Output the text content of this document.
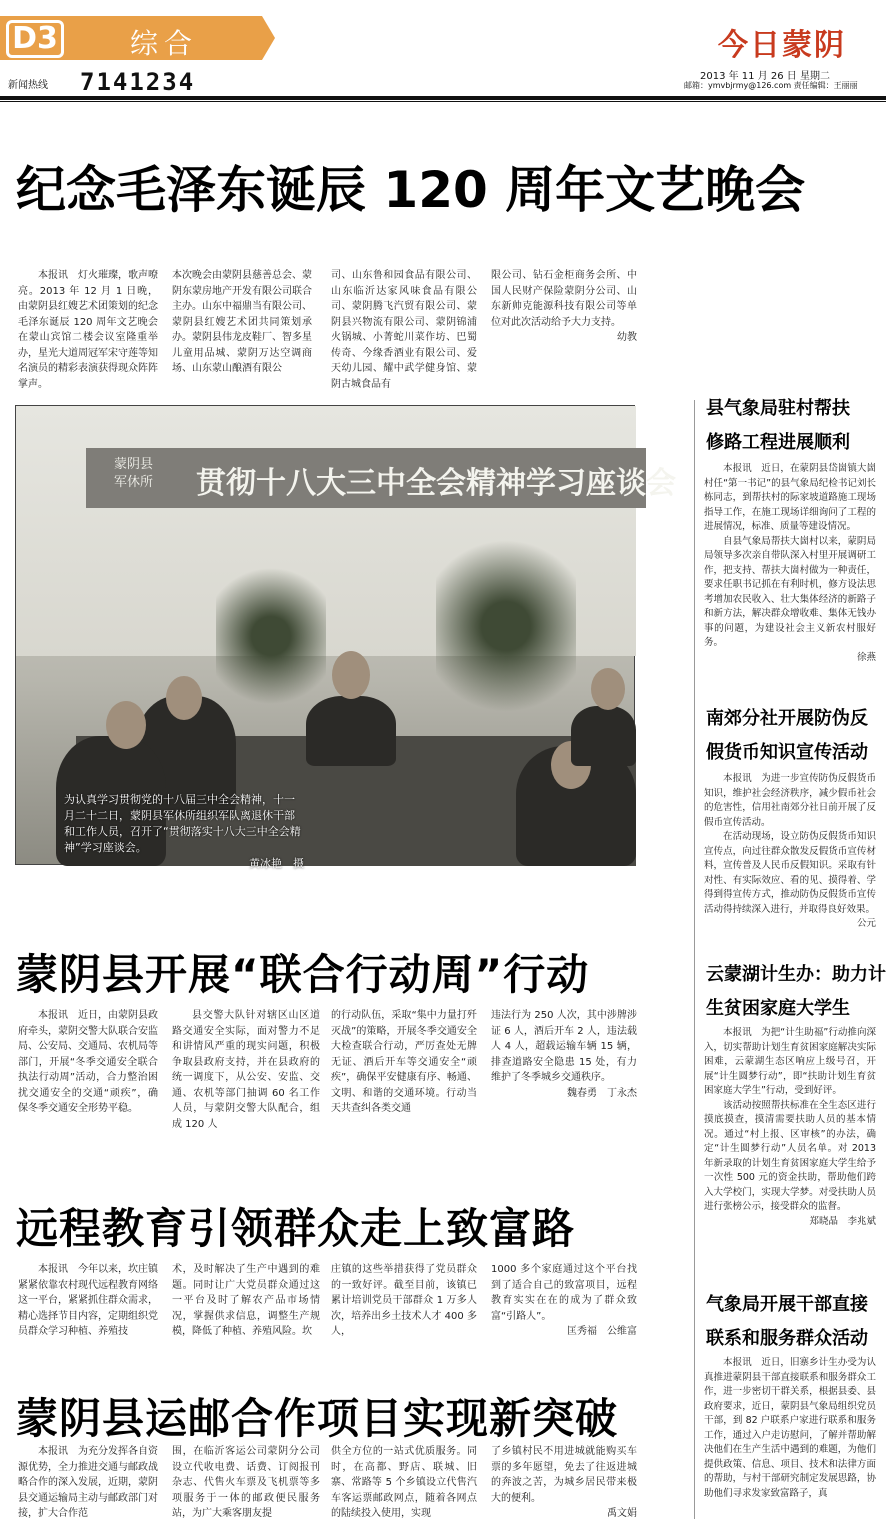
D3	综合	今日蒙阴
新闻热线 7141234	2013 年 11 月 26 日 星期二
邮箱：ymvbjrmy@126.com 责任编辑：王丽丽
纪念毛泽东诞辰 120 周年文艺晚会

本报讯　灯火璀璨，歌声嘹亮。2013 年 12 月 1 日晚，由蒙阴县红嫂艺术团策划的纪念毛泽东诞辰 120 周年文艺晚会在蒙山宾馆二楼会议室隆重举办，星光大道周冠军宋守莲等知名演员的精彩表演获得现众阵阵掌声。

本次晚会由蒙阴县慈善总会、蒙阴东蒙房地产开发有限公司联合主办。山东中福鼎当有限公司、蒙阴县红嫂艺术团共同策划承办。蒙阴县伟龙皮鞋厂、智多星儿童用品城、蒙阴万达空调商场、山东蒙山酿酒有限公

司、山东鲁和园食品有限公司、山东临沂达家风味食品有限公司、蒙阴腾飞汽贸有限公司、蒙阴县兴物流有限公司、蒙阴锦浦火锅城、小菁蛇川菜作坊、巴蜀传奇、今缘香酒业有限公司、爱天幼儿园、耀中武学健身馆、蒙阴古城食品有

限公司、钻石金柜商务会所、中国人民财产保险蒙阴分公司、山东新帅克能源科技有限公司等单位对此次活动给予大力支持。

幼教
蒙阴县军休所 贯彻十八大三中全会精神学习座谈会
为认真学习贯彻党的十八届三中全会精神，十一月二十二日，蒙阴县军休所组织军队离退休干部和工作人员，召开了“贯彻落实十八大三中全会精神”学习座谈会。
黄冰艳　摄
蒙阴县开展“联合行动周”行动

本报讯　近日，由蒙阴县政府牵头，蒙阴交警大队联合安监局、公安局、交通局、农机局等部门，开展“冬季交通安全联合执法行动周”活动，合力整治困扰交通安全的交通“顽疾”，确保冬季交通安全形势平稳。

县交警大队针对辖区山区道路交通安全实际，面对警力不足和讲情风严重的现实问题，积极争取县政府支持，并在县政府的统一调度下，从公安、安监、交通、农机等部门抽调 60 名工作人员，与蒙阴交警大队配合，组成 120 人

的行动队伍，采取“集中力量打歼灭战”的策略，开展冬季交通安全大检查联合行动，严厉查处无牌无证、酒后开车等交通安全“顽疾”，确保平安健康有序、畅通、文明、和谐的交通环境。行动当天共查纠各类交通

违法行为 250 人次，其中涉牌涉证 6 人，酒后开车 2 人，违法载人 4 人，超载运输车辆 15 辆，排查道路安全隐患 15 处，有力维护了冬季城乡交通秩序。

魏春勇　丁永杰
远程教育引领群众走上致富路

本报讯　今年以来，坎庄镇紧紧依靠农村现代远程教育网络这一平台，紧紧抓住群众需求，精心选择节目内容，定期组织党员群众学习种植、养殖技

术，及时解决了生产中遇到的难题。同时让广大党员群众通过这一平台及时了解农产品市场情况，掌握供求信息，调整生产规模，降低了种植、养殖风险。坎

庄镇的这些举措获得了党员群众的一致好评。截至目前，该镇已累计培训党员干部群众 1 万多人次，培养出乡土技术人才 400 多人，

1000 多个家庭通过这个平台找到了适合自己的致富项目，远程教育实实在在的成为了群众致富“引路人”。

匡秀福　公维富
蒙阴县运邮合作项目实现新突破

本报讯　为充分发挥各自资源优势，全力推进交通与邮政战略合作的深入发展，近期，蒙阴县交通运输局主动与邮政部门对接，扩大合作范

围，在临沂客运公司蒙阴分公司设立代收电费、话费、订阅报刊杂志、代售火车票及飞机票等多项服务于一体的邮政便民服务站，为广大乘客朋友提

供全方位的一站式优质服务。同时，在高都、野店、联城、旧寨、常路等 5 个乡镇设立代售汽车客运票邮政网点，随着各网点的陆续投入使用，实现

了乡镇村民不用进城就能购买车票的多年愿望，免去了往返进城的奔波之苦，为城乡居民带来极大的便利。

禹文娟
县气象局驻村帮扶
修路工程进展顺利

本报讯　近日，在蒙阴县岱崮镇大崮村任“第一书记”的县气象局纪检书记刘长栋同志，到帮扶村的际家坡道路施工现场指导工作，在施工现场详细询问了工程的进展情况，标准、质量等建设情况。

自县气象局帮扶大崮村以来，蒙阴局局领导多次亲自带队深入村里开展调研工作，把支持、帮扶大崮村做为一种责任，要求任职书记抓在有利时机，修方设法思考增加农民收入、壮大集体经济的新路子和新方法，解决群众增收难、集体无钱办事的问题，为建设社会主义新农村服好务。

徐燕
南郊分社开展防伪反
假货币知识宣传活动

本报讯　为进一步宣传防伪反假货币知识，维护社会经济秩序，减少假币社会的危害性，信用社南郊分社日前开展了反假币宣传活动。

在活动现场，设立防伪反假货币知识宣传点，向过往群众散发反假货币宣传材料，宣传普及人民币反假知识。采取有针对性、有实际效应、看的见、摸得着、学得到得宣传方式，推动防伪反假货币宣传活动得持续深入进行，并取得良好效果。

公元
云蒙湖计生办：助力计
生贫困家庭大学生

本报讯　为把“计生助福”行动推向深入，切实帮助计划生育贫困家庭解决实际困难，云蒙湖生态区响应上级号召，开展“计生圆梦行动”，即“扶助计划生育贫困家庭大学生”行动，受到好评。

该活动按照帮扶标准在全生态区进行摸底摸查，摸清需要扶助人员的基本情况。通过“村上报、区审核”的办法，确定“计生圆梦行动”人员名单。对 2013 年新录取的计划生育贫困家庭大学生给予一次性 500 元的资金扶助，帮助他们跨入大学校门，实现大学梦。对受扶助人员进行张榜公示，接受群众的监督。

郑晓晶　李兆斌
气象局开展干部直接
联系和服务群众活动

本报讯　近日，旧寨乡计生办受为认真推进蒙阴县干部直接联系和服务群众工作，进一步密切干群关系，根据县委、县政府要求，近日，蒙阴县气象局组织党员干部，到 82 户联系户家进行联系和服务工作，通过入户走访慰问，了解并帮助解决他们在生产生活中遇到的难题，为他们提供政策、信息、项目、技术和法律方面的帮助，与村干部研究制定发展思路，协助他们寻求发家致富路子，真
